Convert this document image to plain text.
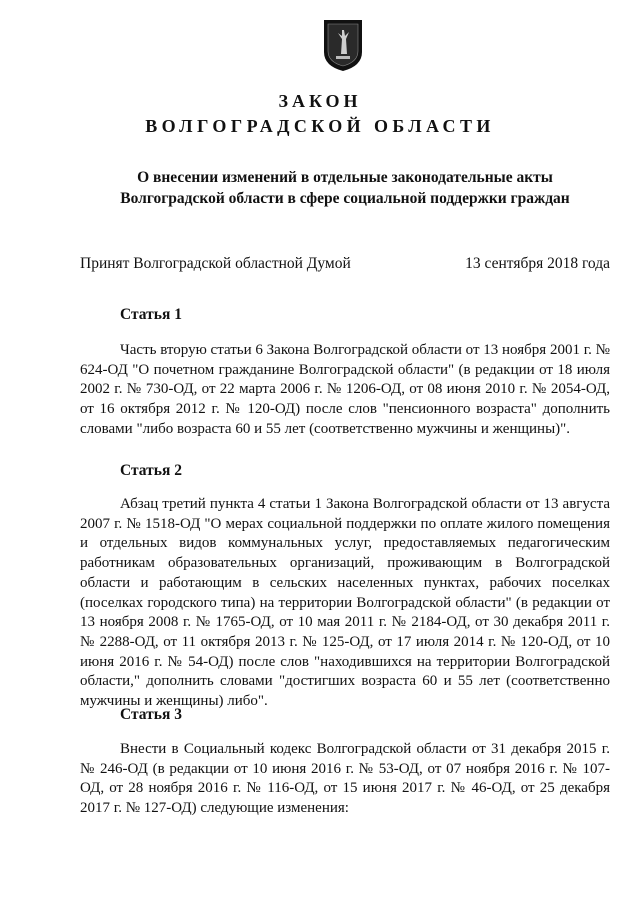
ЗАКОН
ВОЛГОГРАДСКОЙ ОБЛАСТИ
О внесении изменений в отдельные законодательные акты
Волгоградской области в сфере социальной поддержки граждан
Принят Волгоградской областной Думой	13 сентября 2018 года
Статья 1

Часть вторую статьи 6 Закона Волгоградской области от 13 ноября 2001 г. № 624-ОД "О почетном гражданине Волгоградской области" (в редакции от 18 июля 2002 г. № 730-ОД, от 22 марта 2006 г. № 1206-ОД, от 08 июня 2010 г. № 2054-ОД, от 16 октября 2012 г. № 120-ОД) после слов "пенсионного возраста" дополнить словами "либо возраста 60 и 55 лет (соответственно мужчины и женщины)".

Статья 2

Абзац третий пункта 4 статьи 1 Закона Волгоградской области от 13 августа 2007 г. № 1518-ОД "О мерах социальной поддержки по оплате жилого помещения и отдельных видов коммунальных услуг, предоставляемых педагогическим работникам образовательных организаций, проживающим в Волгоградской области и работающим в сельских населенных пунктах, рабочих поселках (поселках городского типа) на территории Волгоградской области" (в редакции от 13 ноября 2008 г. № 1765-ОД, от 10 мая 2011 г. № 2184-ОД, от 30 декабря 2011 г. № 2288-ОД, от 11 октября 2013 г. № 125-ОД, от 17 июля 2014 г. № 120-ОД, от 10 июня 2016 г. № 54-ОД) после слов "находившихся на территории Волгоградской области," дополнить словами "достигших возраста 60 и 55 лет (соответственно мужчины и женщины) либо".

Статья 3

Внести в Социальный кодекс Волгоградской области от 31 декабря 2015 г. № 246-ОД (в редакции от 10 июня 2016 г. № 53-ОД, от 07 ноября 2016 г. № 107-ОД, от 28 ноября 2016 г. № 116-ОД, от 15 июня 2017 г. № 46-ОД, от 25 декабря 2017 г. № 127-ОД) следующие изменения:
